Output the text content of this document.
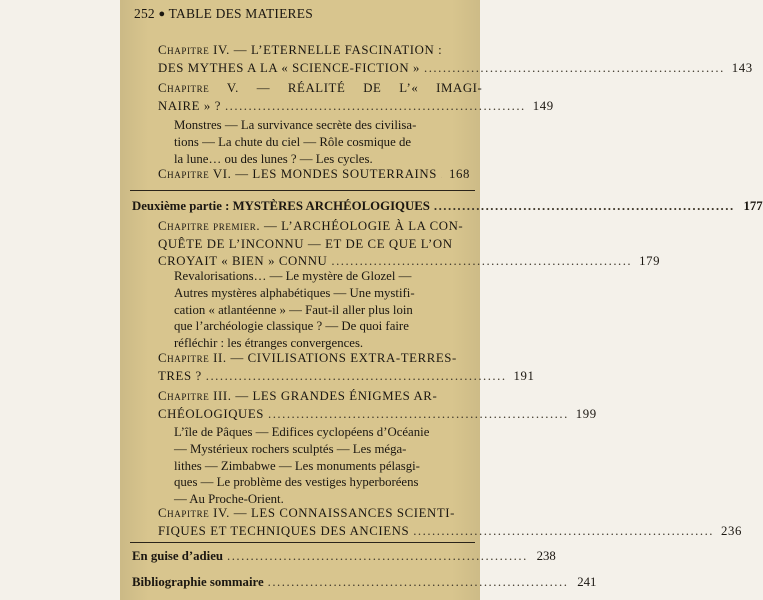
252 ● TABLE DES MATIERES
Chapitre IV. — L’ETERNELLE FASCINATION :
DES MYTHES A LA « SCIENCE-FICTION » ................................................................ 143
Chapitre V. — RÉALITÉ DE L’« IMAGI-
NAIRE » ? ................................................................ 149
Monstres — La survivance secrète des civilisa-
tions — La chute du ciel — Rôle cosmique de
la lune… ou des lunes ? — Les cycles.
Chapitre VI. — LES MONDES SOUTERRAINS 168
Deuxième partie : MYSTÈRES ARCHÉOLOGIQUES ................................................................ 177
Chapitre premier. — L’ARCHÉOLOGIE À LA CON-
QUÊTE DE L’INCONNU — ET DE CE QUE L’ON
CROYAIT « BIEN » CONNU ................................................................ 179
Revalorisations… — Le mystère de Glozel —
Autres mystères alphabétiques — Une mystifi-
cation « atlantéenne » — Faut-il aller plus loin
que l’archéologie classique ? — De quoi faire
réfléchir : les étranges convergences.
Chapitre II. — CIVILISATIONS EXTRA-TERRES-
TRES ? ................................................................ 191
Chapitre III. — LES GRANDES ÉNIGMES AR-
CHÉOLOGIQUES ................................................................ 199
L’île de Pâques — Edifices cyclopéens d’Océanie
— Mystérieux rochers sculptés — Les méga-
lithes — Zimbabwe — Les monuments pélasgi-
ques — Le problème des vestiges hyperboréens
— Au Proche-Orient.
Chapitre IV. — LES CONNAISSANCES SCIENTI-
FIQUES ET TECHNIQUES DES ANCIENS ................................................................ 236
En guise d’adieu ................................................................ 238
Bibliographie sommaire ................................................................ 241
